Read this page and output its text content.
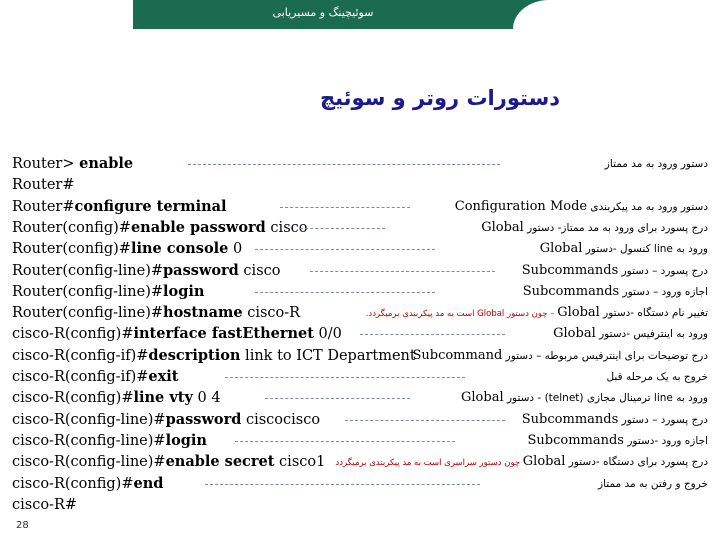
سوئیچینگ و مسیریابی
دستورات روتر و سوئیچ
Router> enable	دستور ورود به مد ممتاز
Router#
Router#configure terminal	دستور ورود به مد پیکربندی Configuration Mode
Router(config)#enable password cisco	درج پسورد برای ورود به مد ممتاز- دستور Global
Router(config)#line console 0	ورود به line کنسول -دستور Global
Router(config-line)#password cisco	درج پسورد – دستور Subcommands
Router(config-line)#login	اجازه ورود – دستور Subcommands
Router(config-line)#hostname cisco-R	تغییر نام دستگاه -دستور Global – چون دستور Global است به مد پیکربندی برمیگردد.
cisco-R(config)#interface fastEthernet 0/0	ورود به اینترفیس -دستور Global
cisco-R(config-if)#description link to ICT Department	درج توضیحات برای اینترفیس مربوطه – دستور Subcommand
cisco-R(config-if)#exit	خروج به یک مرحله قبل
cisco-R(config)#line vty 0 4	ورود به line ترمینال مجازی (telnet) - دستور Global
cisco-R(config-line)#password ciscocisco	درج پسورد – دستور Subcommands
cisco-R(config-line)#login	اجازه ورود -دستور Subcommands
cisco-R(config-line)#enable secret cisco1	درج پسورد برای دستگاه -دستور Global چون دستور سراسری است به مد پیکربندی برمیگردد
cisco-R(config)#end	خروج و رفتن به مد ممتاز
cisco-R#
28
